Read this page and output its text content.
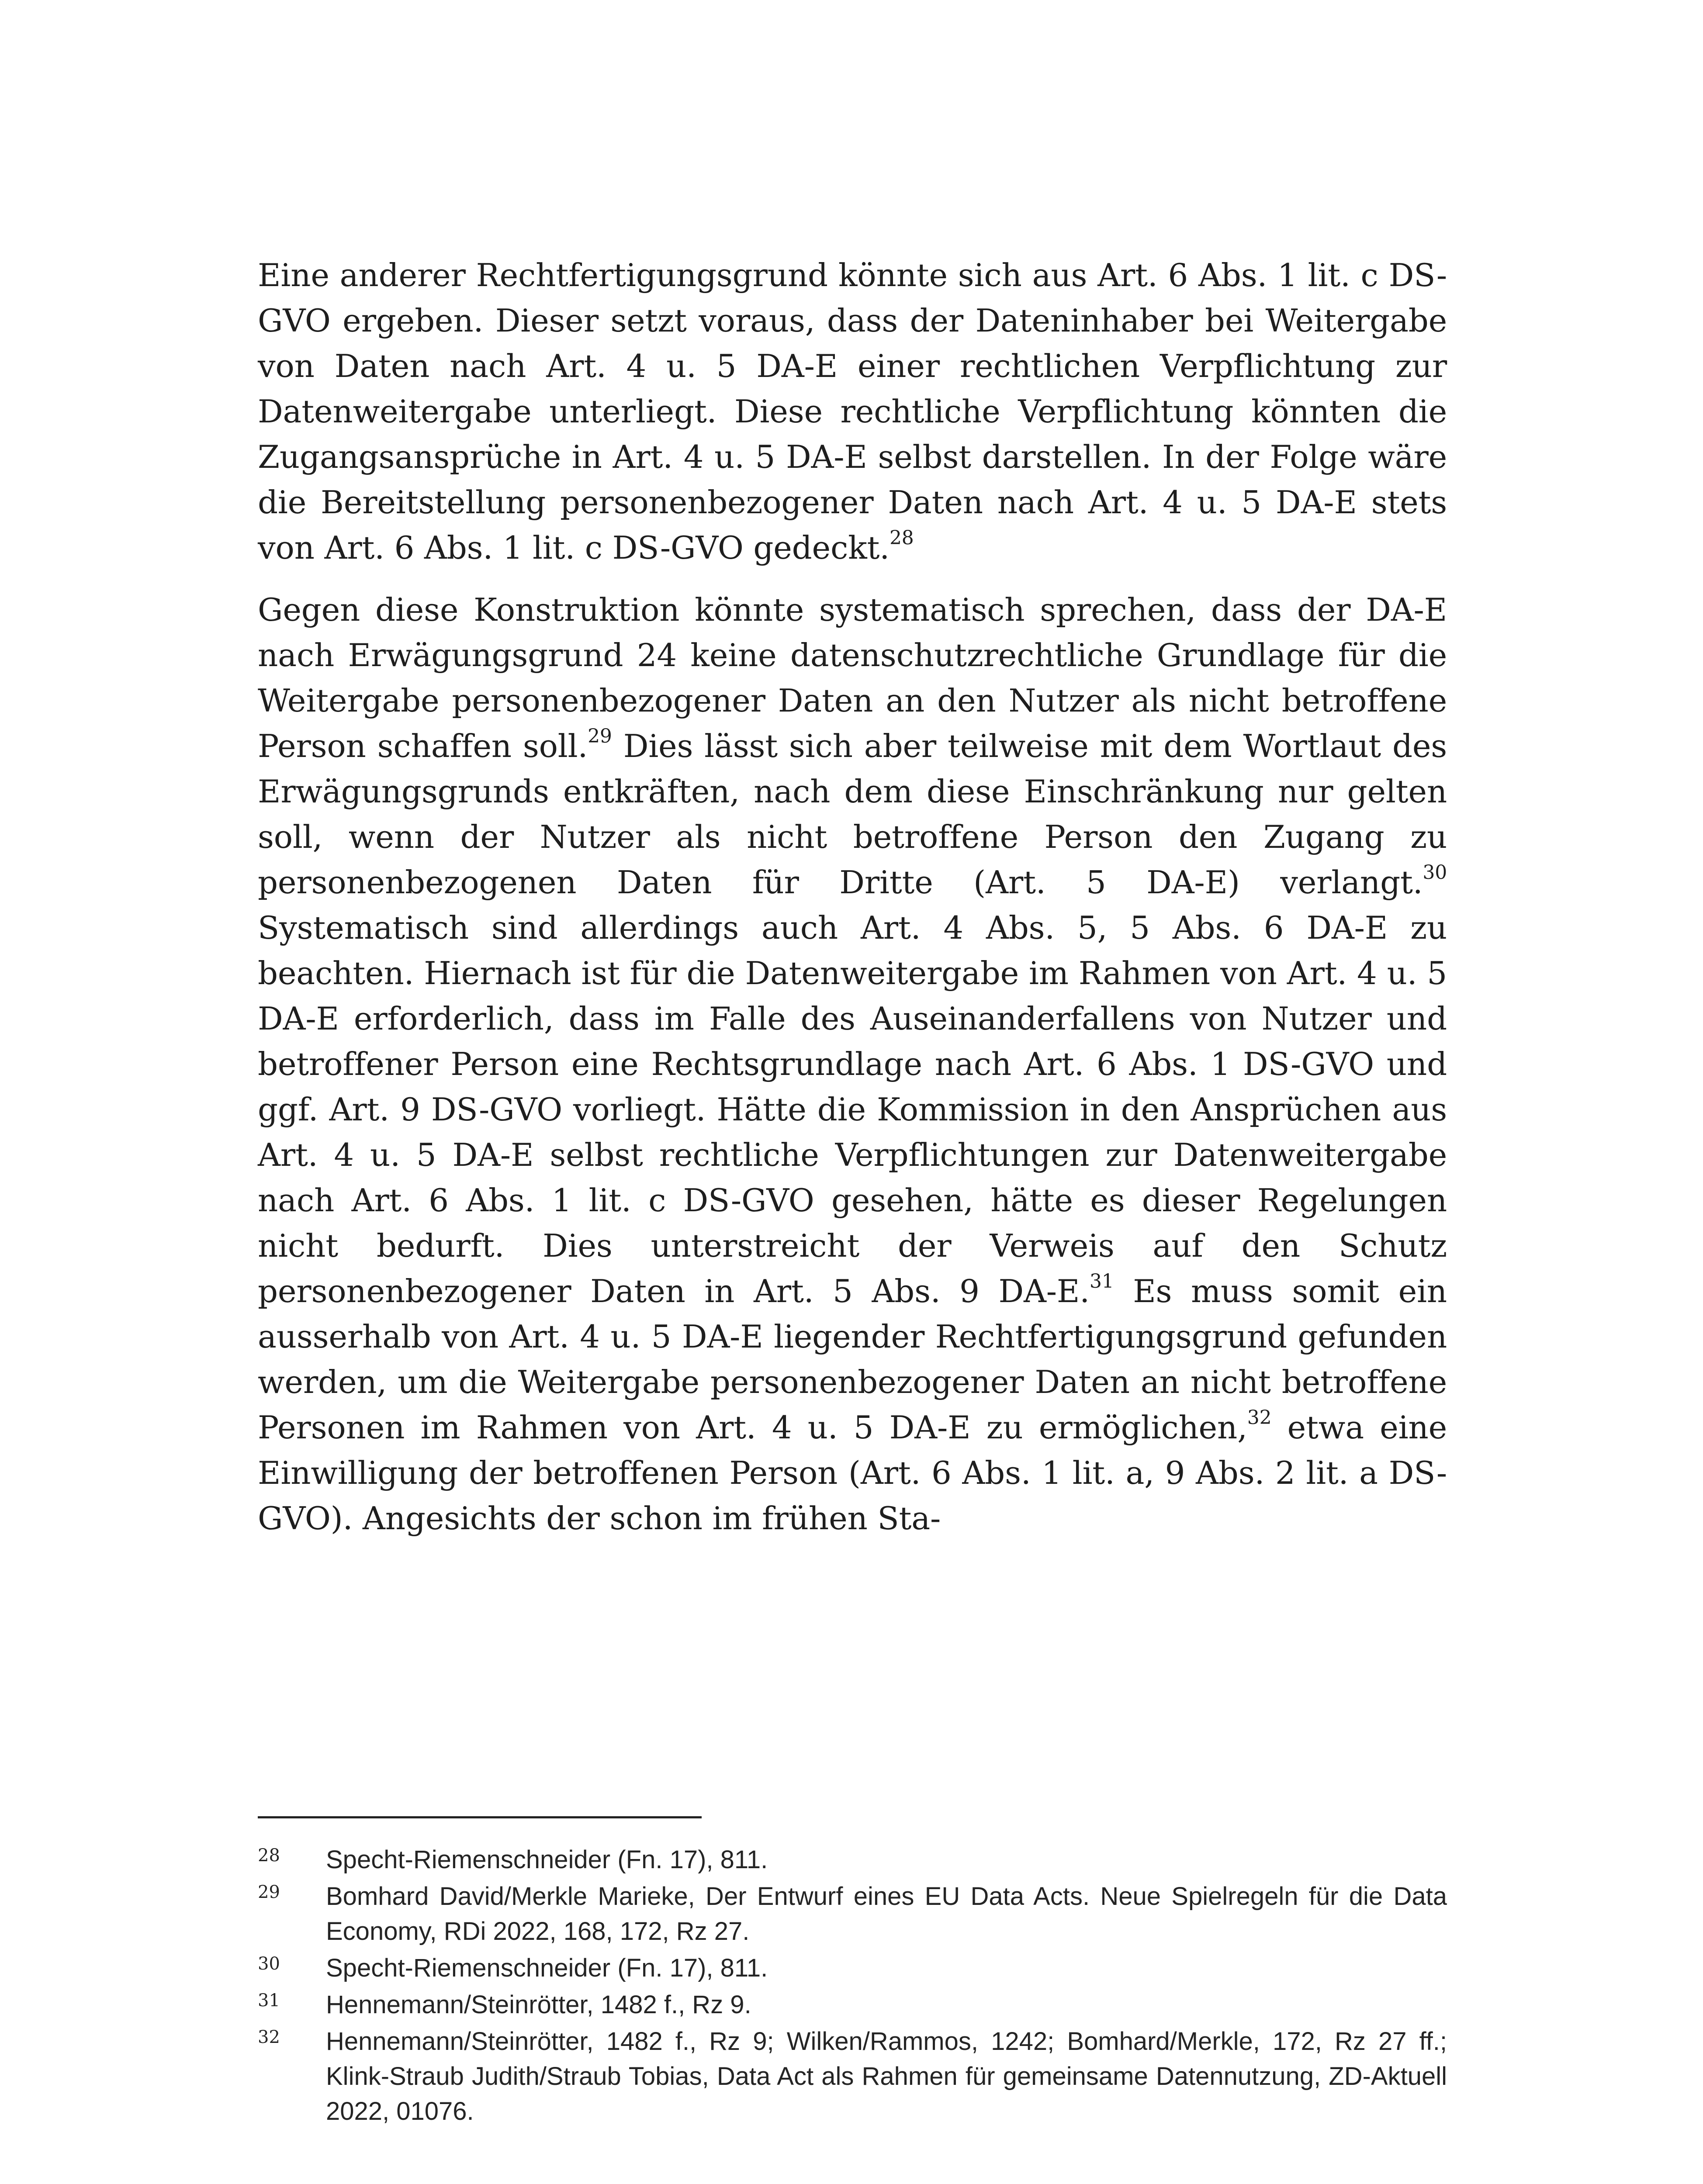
Eine anderer Rechtfertigungsgrund könnte sich aus Art. 6 Abs. 1 lit. c DS-GVO ergeben. Dieser setzt voraus, dass der Dateninhaber bei Weitergabe von Daten nach Art. 4 u. 5 DA-E einer rechtlichen Verpflichtung zur Datenweitergabe unterliegt. Diese rechtliche Verpflichtung könnten die Zugangsansprüche in Art. 4 u. 5 DA-E selbst darstellen. In der Folge wäre die Bereitstellung personenbezogener Daten nach Art. 4 u. 5 DA-E stets von Art. 6 Abs. 1 lit. c DS-GVO gedeckt.$^{28}$

Gegen diese Konstruktion könnte systematisch sprechen, dass der DA-E nach Erwägungsgrund 24 keine datenschutzrechtliche Grundlage für die Weitergabe personenbezogener Daten an den Nutzer als nicht betroffene Person schaffen soll.$^{29}$ Dies lässt sich aber teilweise mit dem Wortlaut des Erwägungsgrunds entkräften, nach dem diese Einschränkung nur gelten soll, wenn der Nutzer als nicht betroffene Person den Zugang zu personenbezogenen Daten für Dritte (Art. 5 DA-E) verlangt.$^{30}$ Systematisch sind allerdings auch Art. 4 Abs. 5, 5 Abs. 6 DA-E zu beachten. Hiernach ist für die Datenweitergabe im Rahmen von Art. 4 u. 5 DA-E erforderlich, dass im Falle des Auseinanderfallens von Nutzer und betroffener Person eine Rechtsgrundlage nach Art. 6 Abs. 1 DS-GVO und ggf. Art. 9 DS-GVO vorliegt. Hätte die Kommission in den Ansprüchen aus Art. 4 u. 5 DA-E selbst rechtliche Verpflichtungen zur Datenweitergabe nach Art. 6 Abs. 1 lit. c DS-GVO gesehen, hätte es dieser Regelungen nicht bedurft. Dies unterstreicht der Verweis auf den Schutz personenbezogener Daten in Art. 5 Abs. 9 DA-E.$^{31}$ Es muss somit ein ausserhalb von Art. 4 u. 5 DA-E liegender Rechtfertigungsgrund gefunden werden, um die Weitergabe personenbezogener Daten an nicht betroffene Personen im Rahmen von Art. 4 u. 5 DA-E zu ermöglichen,$^{32}$ etwa eine Einwilligung der betroffenen Person (Art. 6 Abs. 1 lit. a, 9 Abs. 2 lit. a DS-GVO). Angesichts der schon im frühen Sta-

28	Specht-Riemenschneider (Fn. 17), 811.
29	Bomhard David/Merkle Marieke, Der Entwurf eines EU Data Acts. Neue Spielregeln für die Data Economy, RDi 2022, 168, 172, Rz 27.
30	Specht-Riemenschneider (Fn. 17), 811.
31	Hennemann/Steinrötter, 1482 f., Rz 9.
32	Hennemann/Steinrötter, 1482 f., Rz 9; Wilken/Rammos, 1242; Bomhard/Merkle, 172, Rz 27 ff.; Klink-Straub Judith/Straub Tobias, Data Act als Rahmen für gemeinsame Datennutzung, ZD-Aktuell 2022, 01076.
